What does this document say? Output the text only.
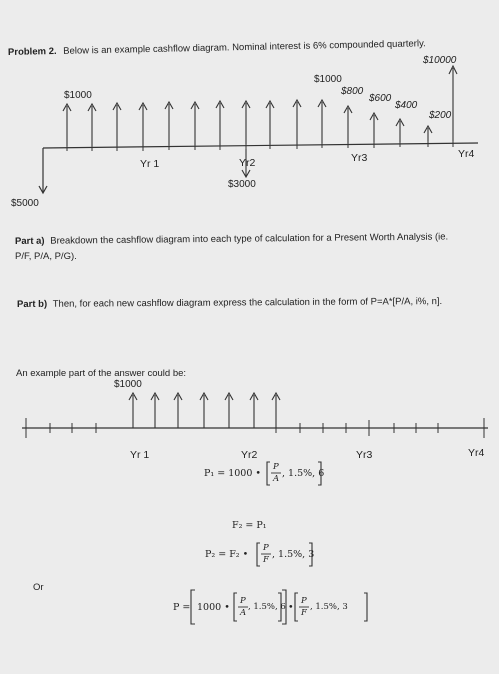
Problem 2. Below is an example cashflow diagram. Nominal interest is 6% compounded quarterly.
$10000
$1000
$1000
$800
$600
$400
$200
$5000
$3000
Yr 1	Yr2	Yr3	Yr4
Part a) Breakdown the cashflow diagram into each type of calculation for a Present Worth Analysis (ie.
P/F, P/A, P/G).
Part b) Then, for each new cashflow diagram express the calculation in the form of P=A*[P/A, i%, n].
An example part of the answer could be:
$1000
Yr 1	Yr2	Yr3	Yr4
P₁ = 1000 •
P
A , 1.5%, 6
F₂ = P₁
P₂ = F₂ •
P
F , 1.5%, 3
Or
P = 1000 •
P
A
, 1.5%, 6 •
P
F
, 1.5%, 3
